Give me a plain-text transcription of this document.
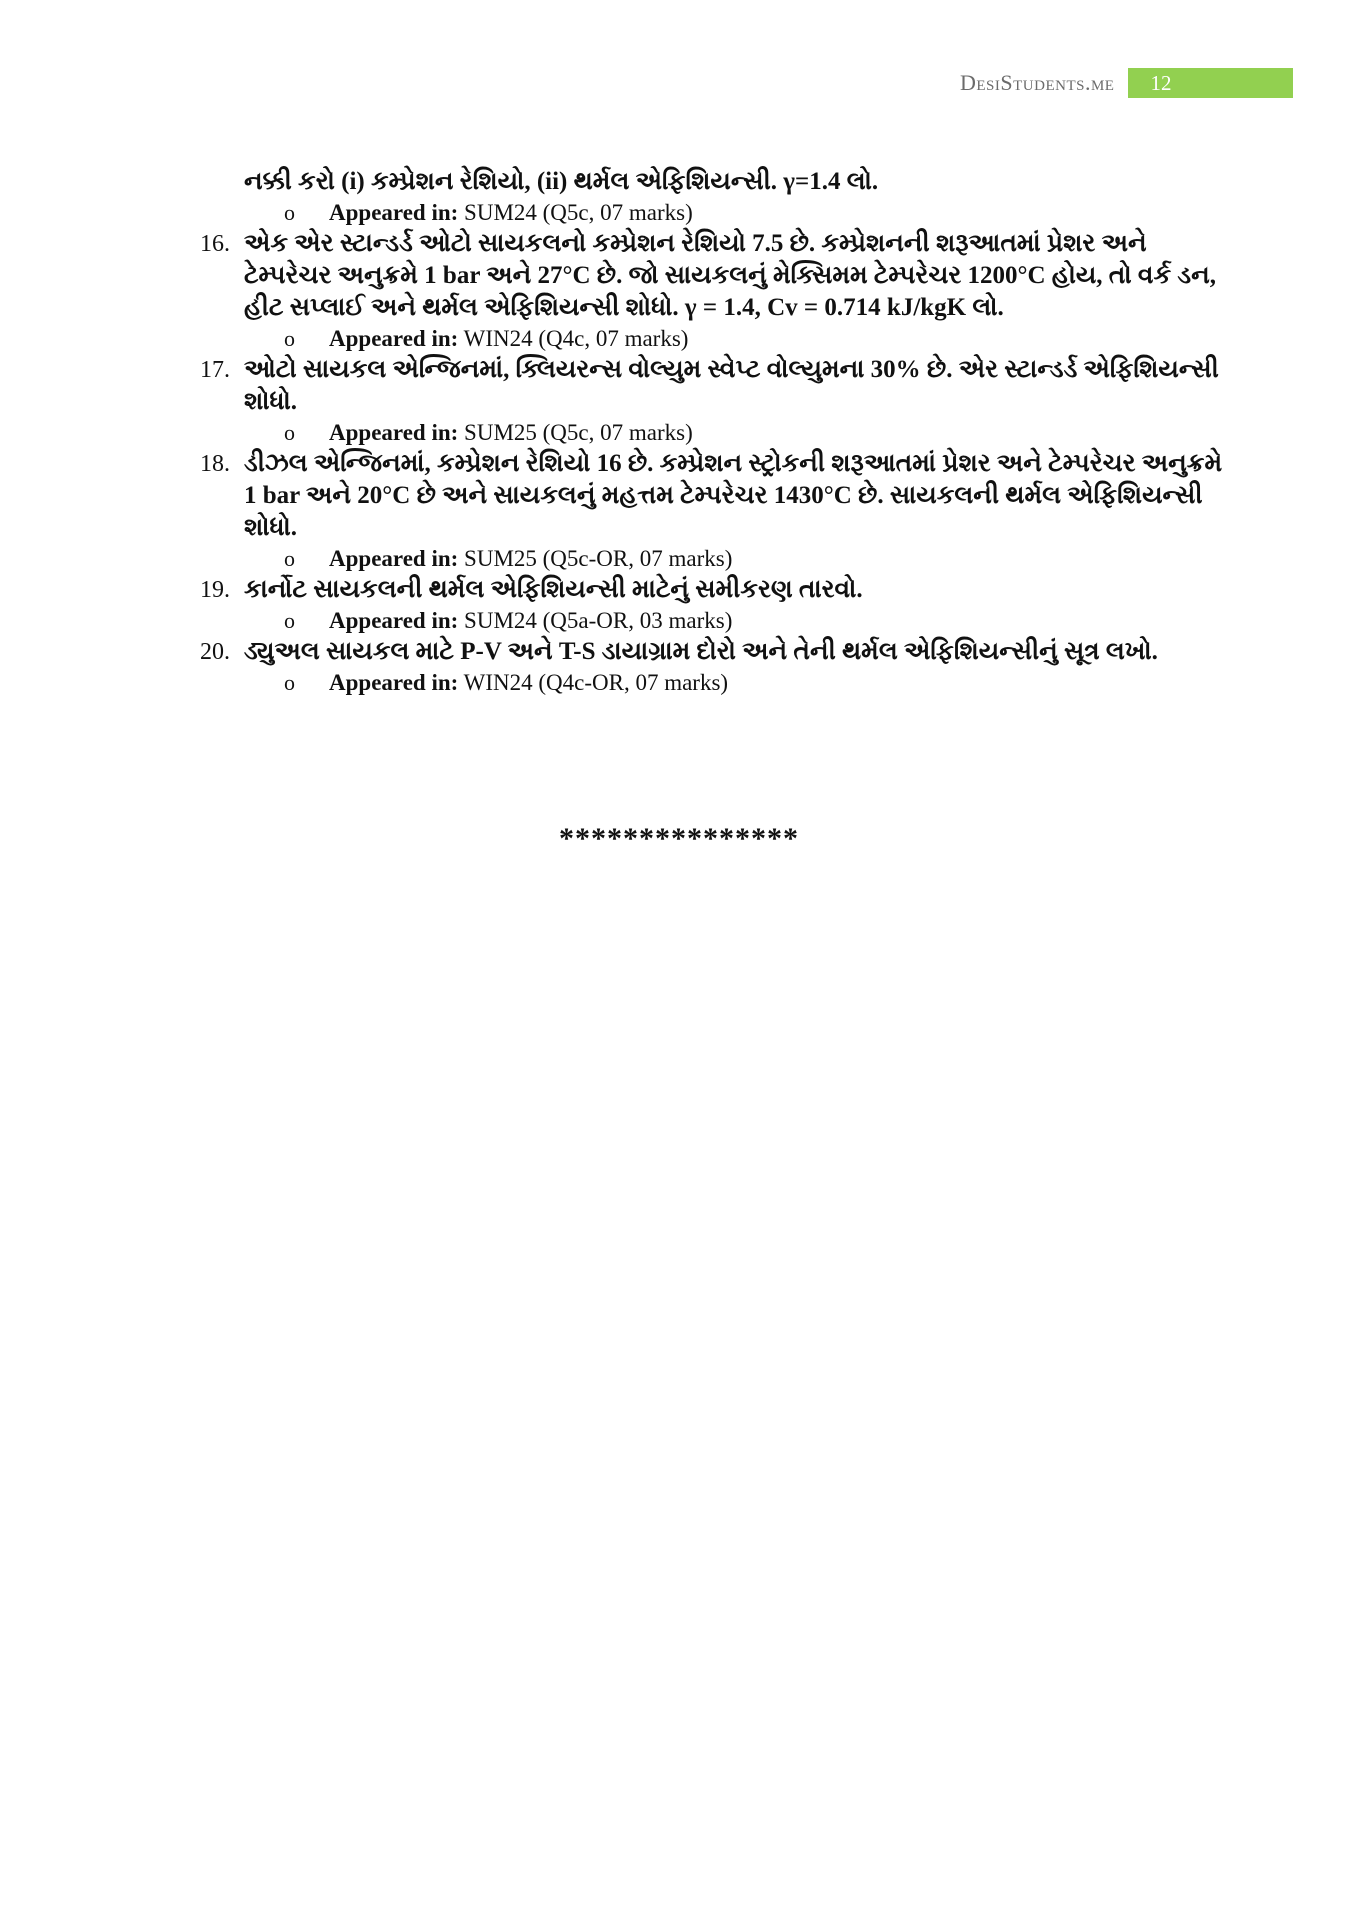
DesiStudents.me	12

નક્કી કરો (i) કમ્પ્રેશન રેશિયો, (ii) થર્મલ એફિશિયન્સી. γ=1.4 લો.

o Appeared in: SUM24 (Q5c, 07 marks)

16. એક એર સ્ટાન્ડર્ડ ઓટો સાયકલનો કમ્પ્રેશન રેશિયો 7.5 છે. કમ્પ્રેશનની શરૂઆતમાં પ્રેશર અને ટેમ્પરેચર અનુક્રમે 1 bar અને 27°C છે. જો સાયકલનું મેક્સિમમ ટેમ્પરેચર 1200°C હોય, તો વર્ક ડન, હીટ સપ્લાઈ અને થર્મલ એફિશિયન્સી શોધો. γ = 1.4, Cv = 0.714 kJ/kgK લો.

o Appeared in: WIN24 (Q4c, 07 marks)

17. ઓટો સાયકલ એન્જિનમાં, ક્લિયરન્સ વોલ્યુમ સ્વેપ્ટ વોલ્યુમના 30% છે. એર સ્ટાન્ડર્ડ એફિશિયન્સી શોધો.

o Appeared in: SUM25 (Q5c, 07 marks)

18. ડીઝલ એન્જિનમાં, કમ્પ્રેશન રેશિયો 16 છે. કમ્પ્રેશન સ્ટ્રોકની શરૂઆતમાં પ્રેશર અને ટેમ્પરેચર અનુક્રમે 1 bar અને 20°C છે અને સાયકલનું મહત્તમ ટેમ્પરેચર 1430°C છે. સાયકલની થર્મલ એફિશિયન્સી શોધો.

o Appeared in: SUM25 (Q5c-OR, 07 marks)

19. કાર્નોટ સાયકલની થર્મલ એફિશિયન્સી માટેનું સમીકરણ તારવો.

o Appeared in: SUM24 (Q5a-OR, 03 marks)

20. ડ્યુઅલ સાયકલ માટે P-V અને T-S ડાયાગ્રામ દોરો અને તેની થર્મલ એફિશિયન્સીનું સૂત્ર લખો.

o Appeared in: WIN24 (Q4c-OR, 07 marks)

***************
